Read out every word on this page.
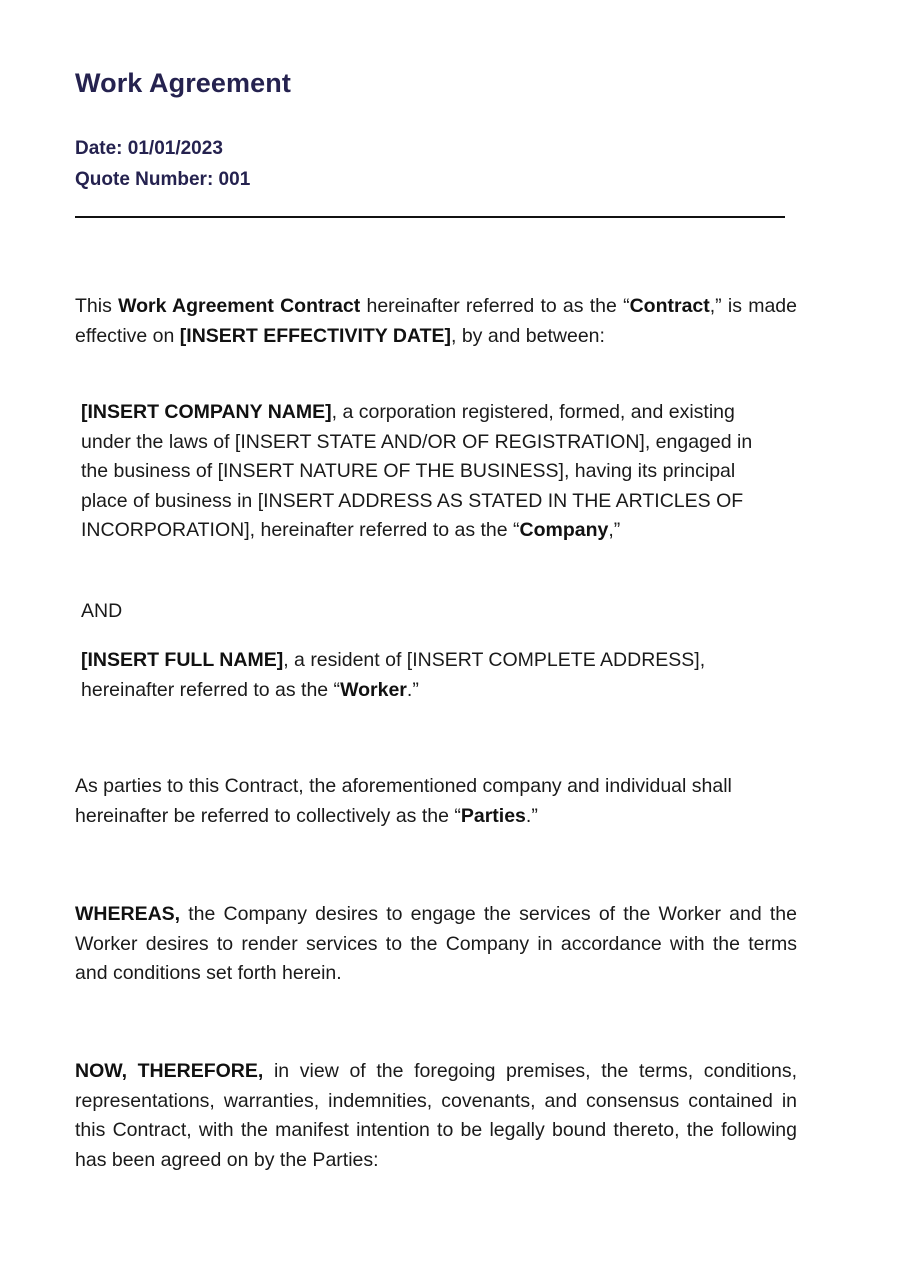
Work Agreement
Date: 01/01/2023
Quote Number: 001

This Work Agreement Contract hereinafter referred to as the “Contract,” is made effective on [INSERT EFFECTIVITY DATE], by and between:

[INSERT COMPANY NAME], a corporation registered, formed, and existing under the laws of [INSERT STATE AND/OR OF REGISTRATION], engaged in the business of [INSERT NATURE OF THE BUSINESS], having its principal place of business in [INSERT ADDRESS AS STATED IN THE ARTICLES OF INCORPORATION], hereinafter referred to as the “Company,”

AND

[INSERT FULL NAME], a resident of [INSERT COMPLETE ADDRESS], hereinafter referred to as the “Worker.”

As parties to this Contract, the aforementioned company and individual shall hereinafter be referred to collectively as the “Parties.”

WHEREAS, the Company desires to engage the services of the Worker and the Worker desires to render services to the Company in accordance with the terms and conditions set forth herein.

NOW, THEREFORE, in view of the foregoing premises, the terms, conditions, representations, warranties, indemnities, covenants, and consensus contained in this Contract, with the manifest intention to be legally bound thereto, the following has been agreed on by the Parties:
